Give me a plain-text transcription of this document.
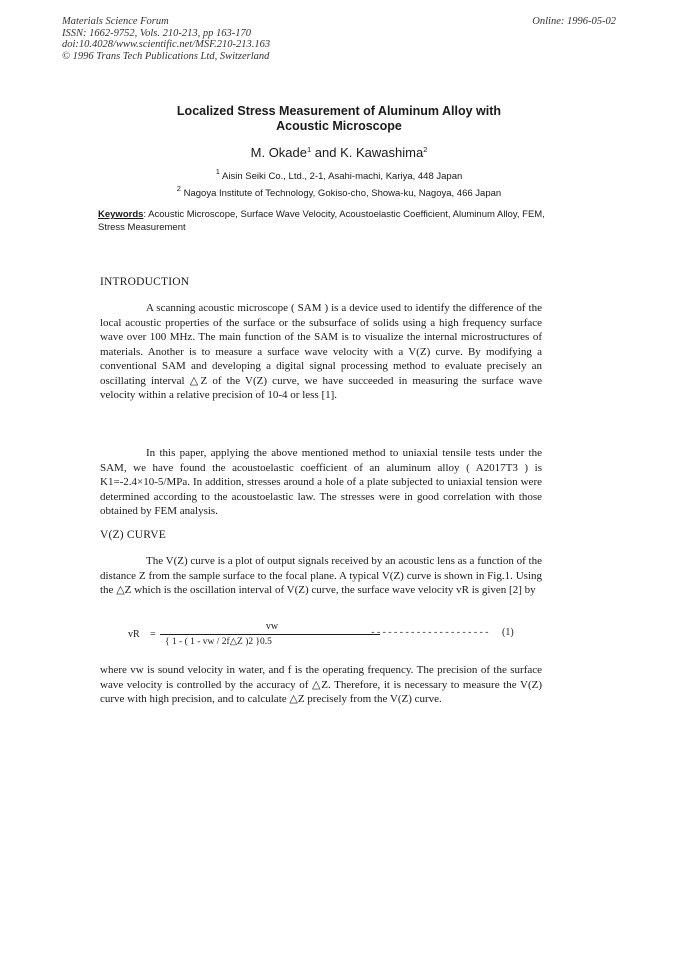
Materials Science Forum
ISSN: 1662-9752, Vols. 210-213, pp 163-170
doi:10.4028/www.scientific.net/MSF.210-213.163
© 1996 Trans Tech Publications Ltd, Switzerland
Online: 1996-05-02
Localized Stress Measurement of Aluminum Alloy with
Acoustic Microscope
M. Okade$^1$ and K. Kawashima$^2$
$^1$ Aisin Seiki Co., Ltd., 2-1, Asahi-machi, Kariya, 448 Japan
$^2$ Nagoya Institute of Technology, Gokiso-cho, Showa-ku, Nagoya, 466 Japan
Keywords: Acoustic Microscope, Surface Wave Velocity, Acoustoelastic Coefficient, Aluminum Alloy, FEM, Stress Measurement
INTRODUCTION
A scanning acoustic microscope ( SAM ) is a device used to identify the difference of the local acoustic properties of the surface or the subsurface of solids using a high frequency surface wave over 100 MHz. The main function of the SAM is to visualize the internal microstructures of materials. Another is to measure a surface wave velocity with a V(Z) curve. By modifying a conventional SAM and developing a digital signal processing method to evaluate precisely an oscillating interval △Z of the V(Z) curve, we have succeeded in measuring the surface wave velocity within a relative precision of 10-4 or less [1].
In this paper, applying the above mentioned method to uniaxial tensile tests under the SAM, we have found the acoustoelastic coefficient of an aluminum alloy ( A2017T3 ) is K1=-2.4×10-5/MPa. In addition, stresses around a hole of a plate subjected to uniaxial tension were determined according to the acoustoelastic law. The stresses were in good correlation with those obtained by FEM analysis.
V(Z) CURVE
The V(Z) curve is a plot of output signals received by an acoustic lens as a function of the distance Z from the sample surface to the focal plane. A typical V(Z) curve is shown in Fig.1. Using the △Z which is the oscillation interval of V(Z) curve, the surface wave velocity vR is given [2] by
vR =
vw
{ 1 - ( 1 - vw / 2f△Z )2 }0.5
--------------------- (1)
where vw is sound velocity in water, and f is the operating frequency. The precision of the surface wave velocity is controlled by the accuracy of △Z. Therefore, it is necessary to measure the V(Z) curve with high precision, and to calculate △Z precisely from the V(Z) curve.
